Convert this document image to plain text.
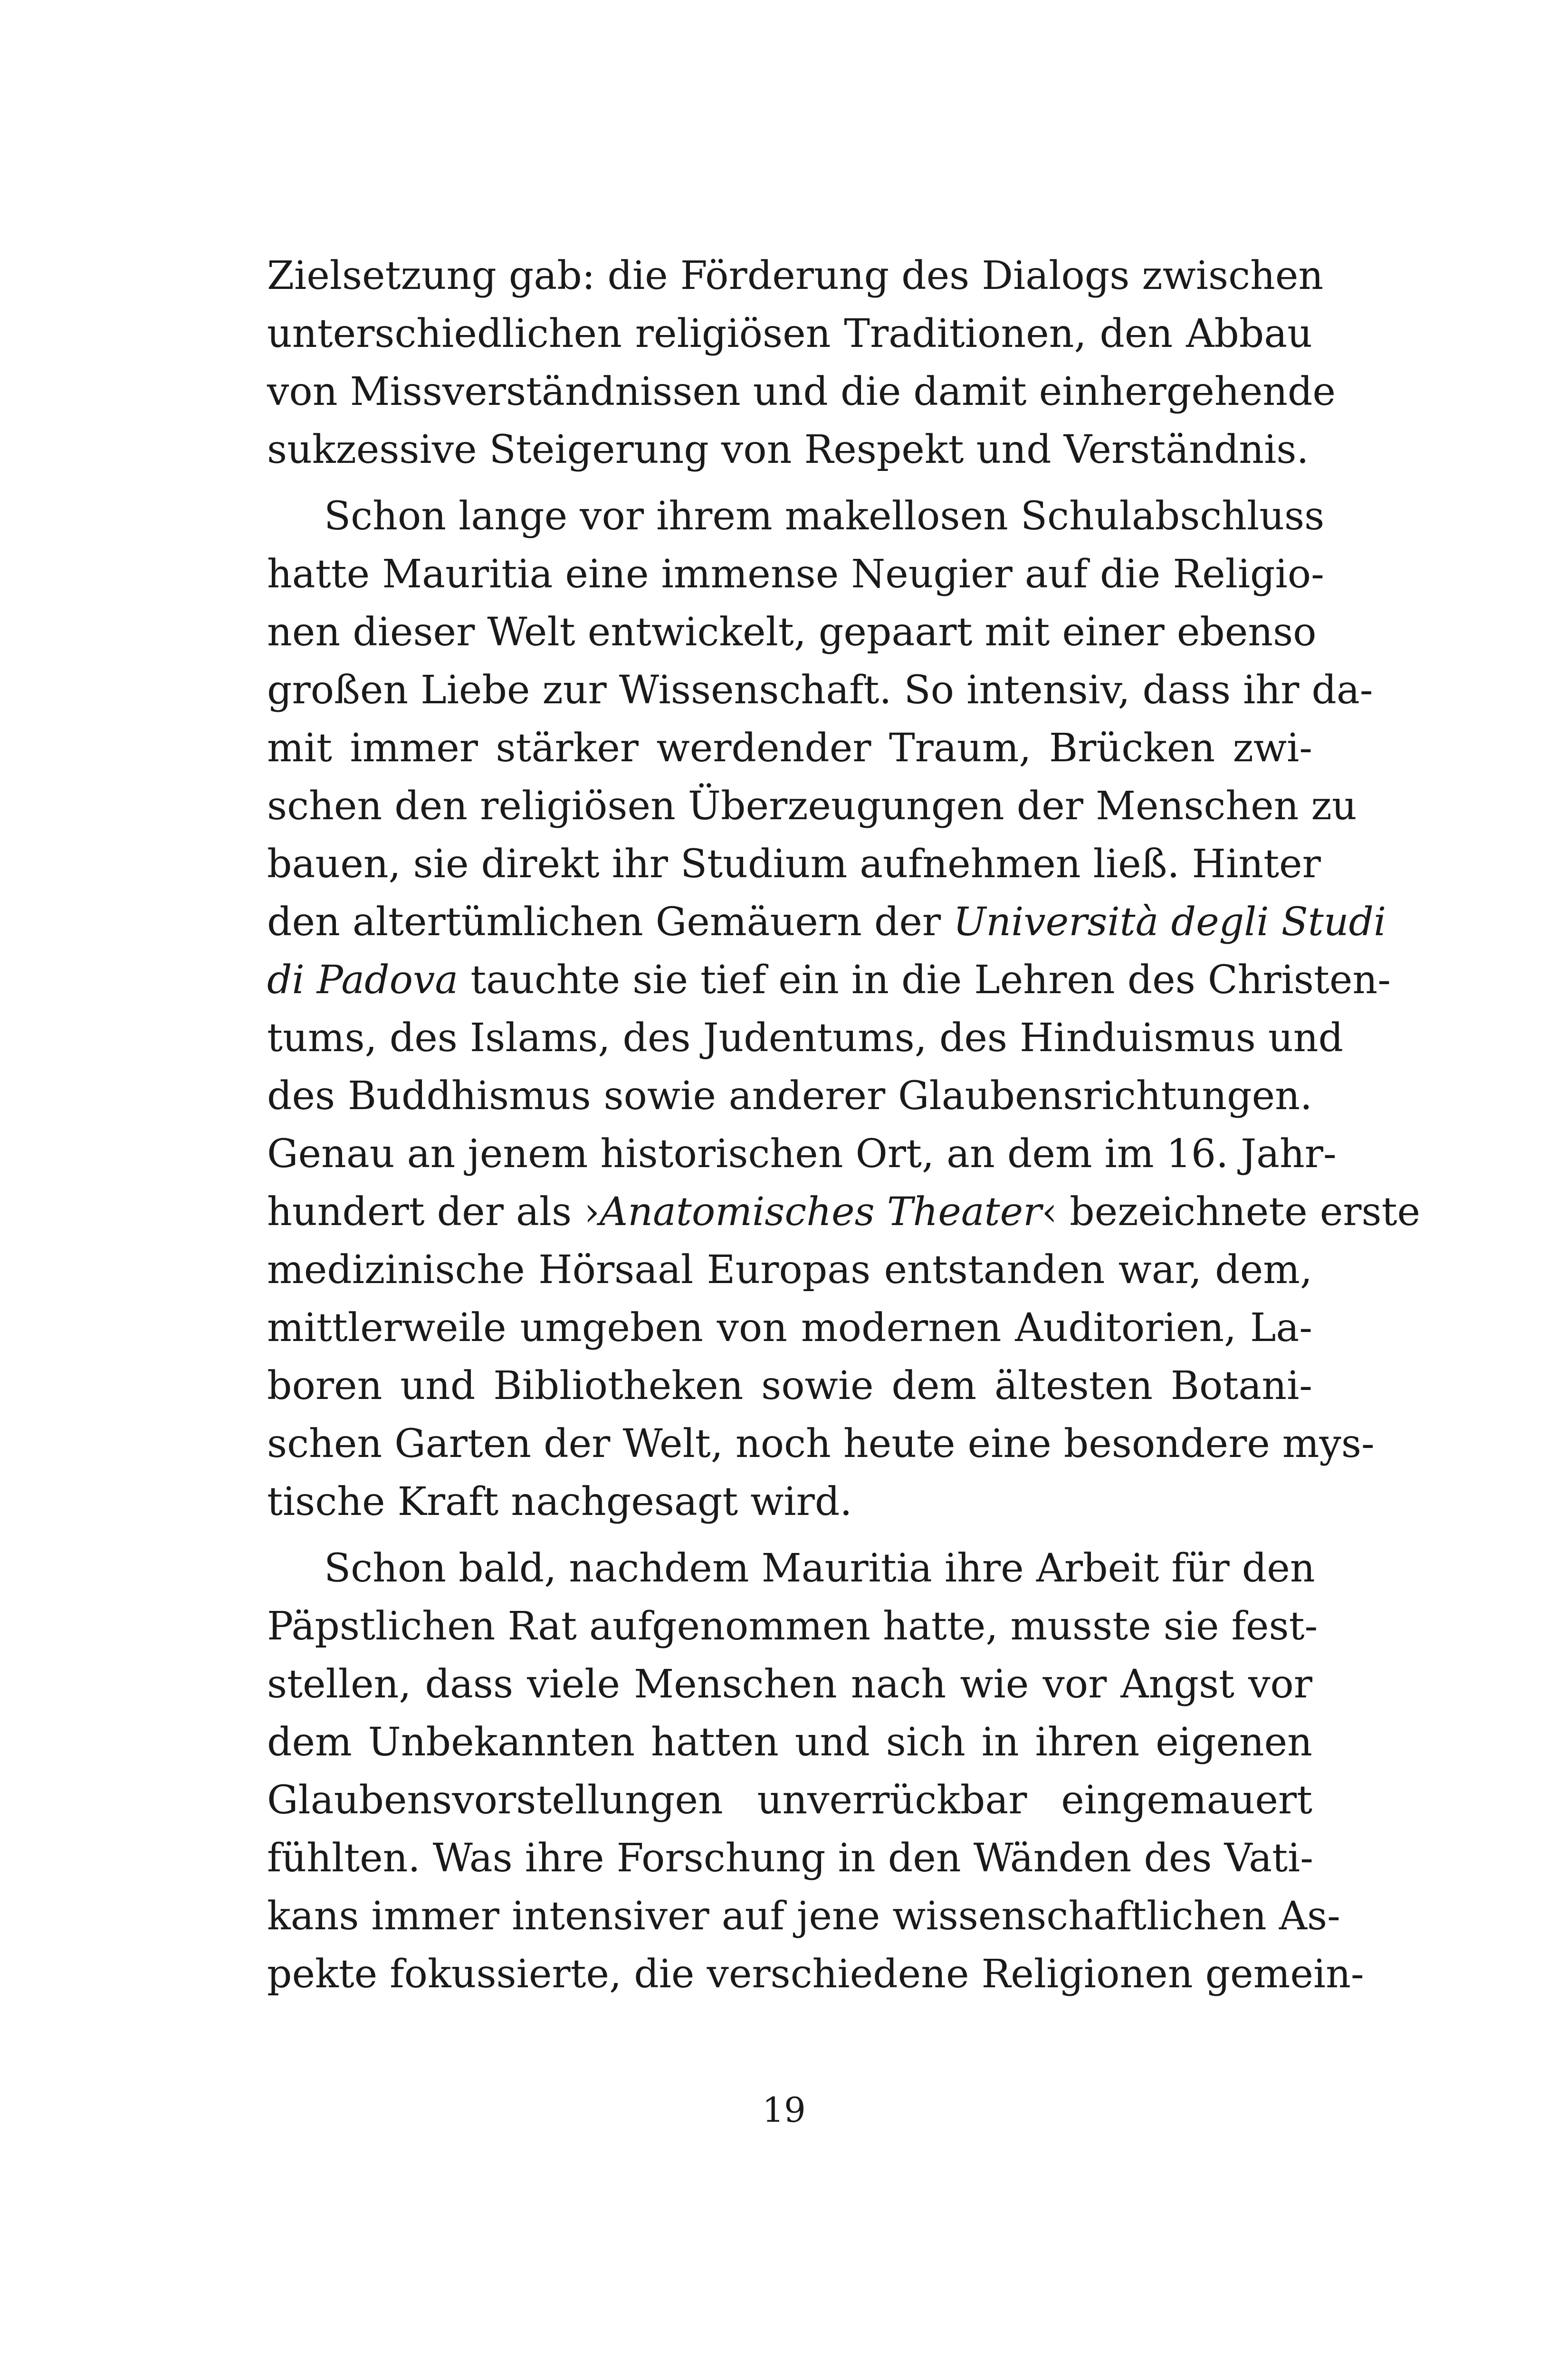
Zielsetzung gab: die Förderung des Dialogs zwischen
unterschiedlichen religiösen Traditionen, den Abbau
von Missverständnissen und die damit einhergehende
sukzessive Steigerung von Respekt und Verständnis.
Schon lange vor ihrem makellosen Schulabschluss
hatte Mauritia eine immense Neugier auf die Religio-
nen dieser Welt entwickelt, gepaart mit einer ebenso
großen Liebe zur Wissenschaft. So intensiv, dass ihr da-
mit immer stärker werdender Traum, Brücken zwi-
schen den religiösen Überzeugungen der Menschen zu
bauen, sie direkt ihr Studium aufnehmen ließ. Hinter
den altertümlichen Gemäuern der Università degli Studi
di Padova tauchte sie tief ein in die Lehren des Christen-
tums, des Islams, des Judentums, des Hinduismus und
des Buddhismus sowie anderer Glaubensrichtungen.
Genau an jenem historischen Ort, an dem im 16. Jahr-
hundert der als ›Anatomisches Theater‹ bezeichnete erste
medizinische Hörsaal Europas entstanden war, dem,
mittlerweile umgeben von modernen Auditorien, La-
boren und Bibliotheken sowie dem ältesten Botani-
schen Garten der Welt, noch heute eine besondere mys-
tische Kraft nachgesagt wird.
Schon bald, nachdem Mauritia ihre Arbeit für den
Päpstlichen Rat aufgenommen hatte, musste sie fest-
stellen, dass viele Menschen nach wie vor Angst vor
dem Unbekannten hatten und sich in ihren eigenen
Glaubensvorstellungen unverrückbar eingemauert
fühlten. Was ihre Forschung in den Wänden des Vati-
kans immer intensiver auf jene wissenschaftlichen As-
pekte fokussierte, die verschiedene Religionen gemein-
19
